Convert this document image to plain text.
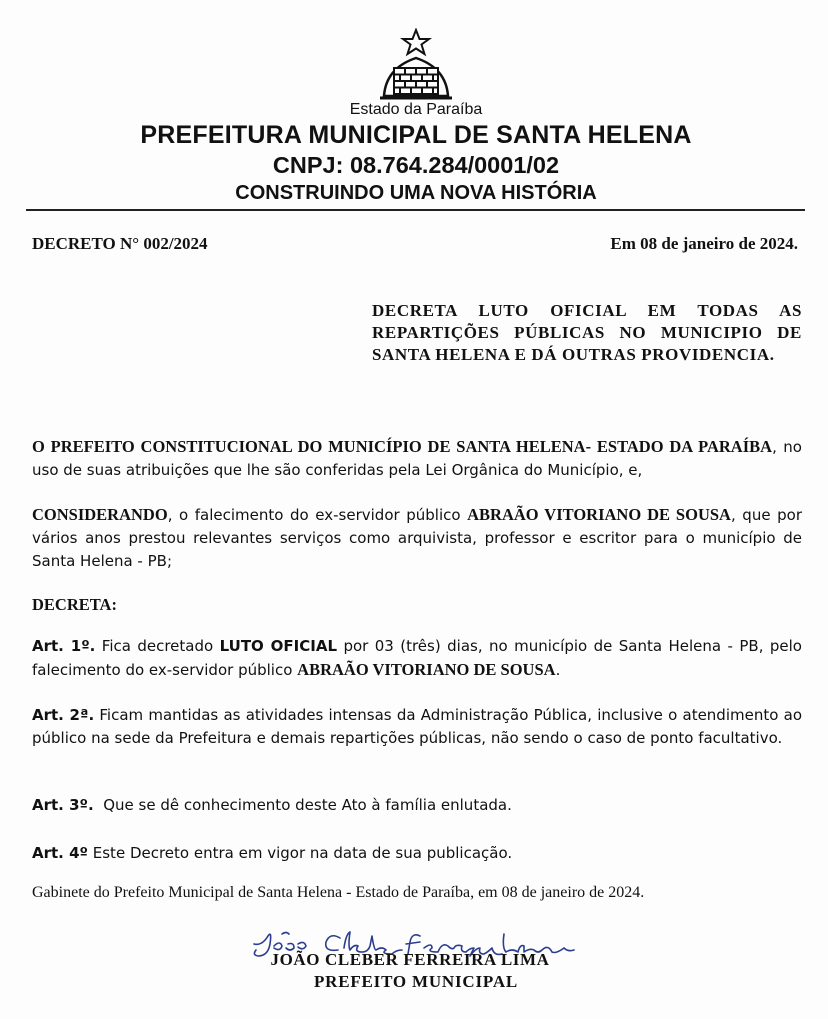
Estado da Paraíba
PREFEITURA MUNICIPAL DE SANTA HELENA
CNPJ: 08.764.284/0001/02
CONSTRUINDO UMA NOVA HISTÓRIA
DECRETO N° 002/2024	Em 08 de janeiro de 2024.
DECRETA LUTO OFICIAL EM TODAS AS REPARTIÇÕES PÚBLICAS NO MUNICIPIO DE SANTA HELENA E DÁ OUTRAS PROVIDENCIA.
O PREFEITO CONSTITUCIONAL DO MUNICÍPIO DE SANTA HELENA- ESTADO DA PARAÍBA, no uso de suas atribuições que lhe são conferidas pela Lei Orgânica do Município, e,
CONSIDERANDO, o falecimento do ex-servidor público ABRAÃO VITORIANO DE SOUSA, que por vários anos prestou relevantes serviços como arquivista, professor e escritor para o município de Santa Helena - PB;
DECRETA:
Art. 1º. Fica decretado LUTO OFICIAL por 03 (três) dias, no município de Santa Helena - PB, pelo falecimento do ex-servidor público ABRAÃO VITORIANO DE SOUSA.
Art. 2ª. Ficam mantidas as atividades intensas da Administração Pública, inclusive o atendimento ao público na sede da Prefeitura e demais repartições públicas, não sendo o caso de ponto facultativo.
Art. 3º.  Que se dê conhecimento deste Ato à família enlutada.
Art. 4º Este Decreto entra em vigor na data de sua publicação.
Gabinete do Prefeito Municipal de Santa Helena - Estado de Paraíba, em 08 de janeiro de 2024.
JOÃO CLEBER FERREIRA LIMA
PREFEITO MUNICIPAL
